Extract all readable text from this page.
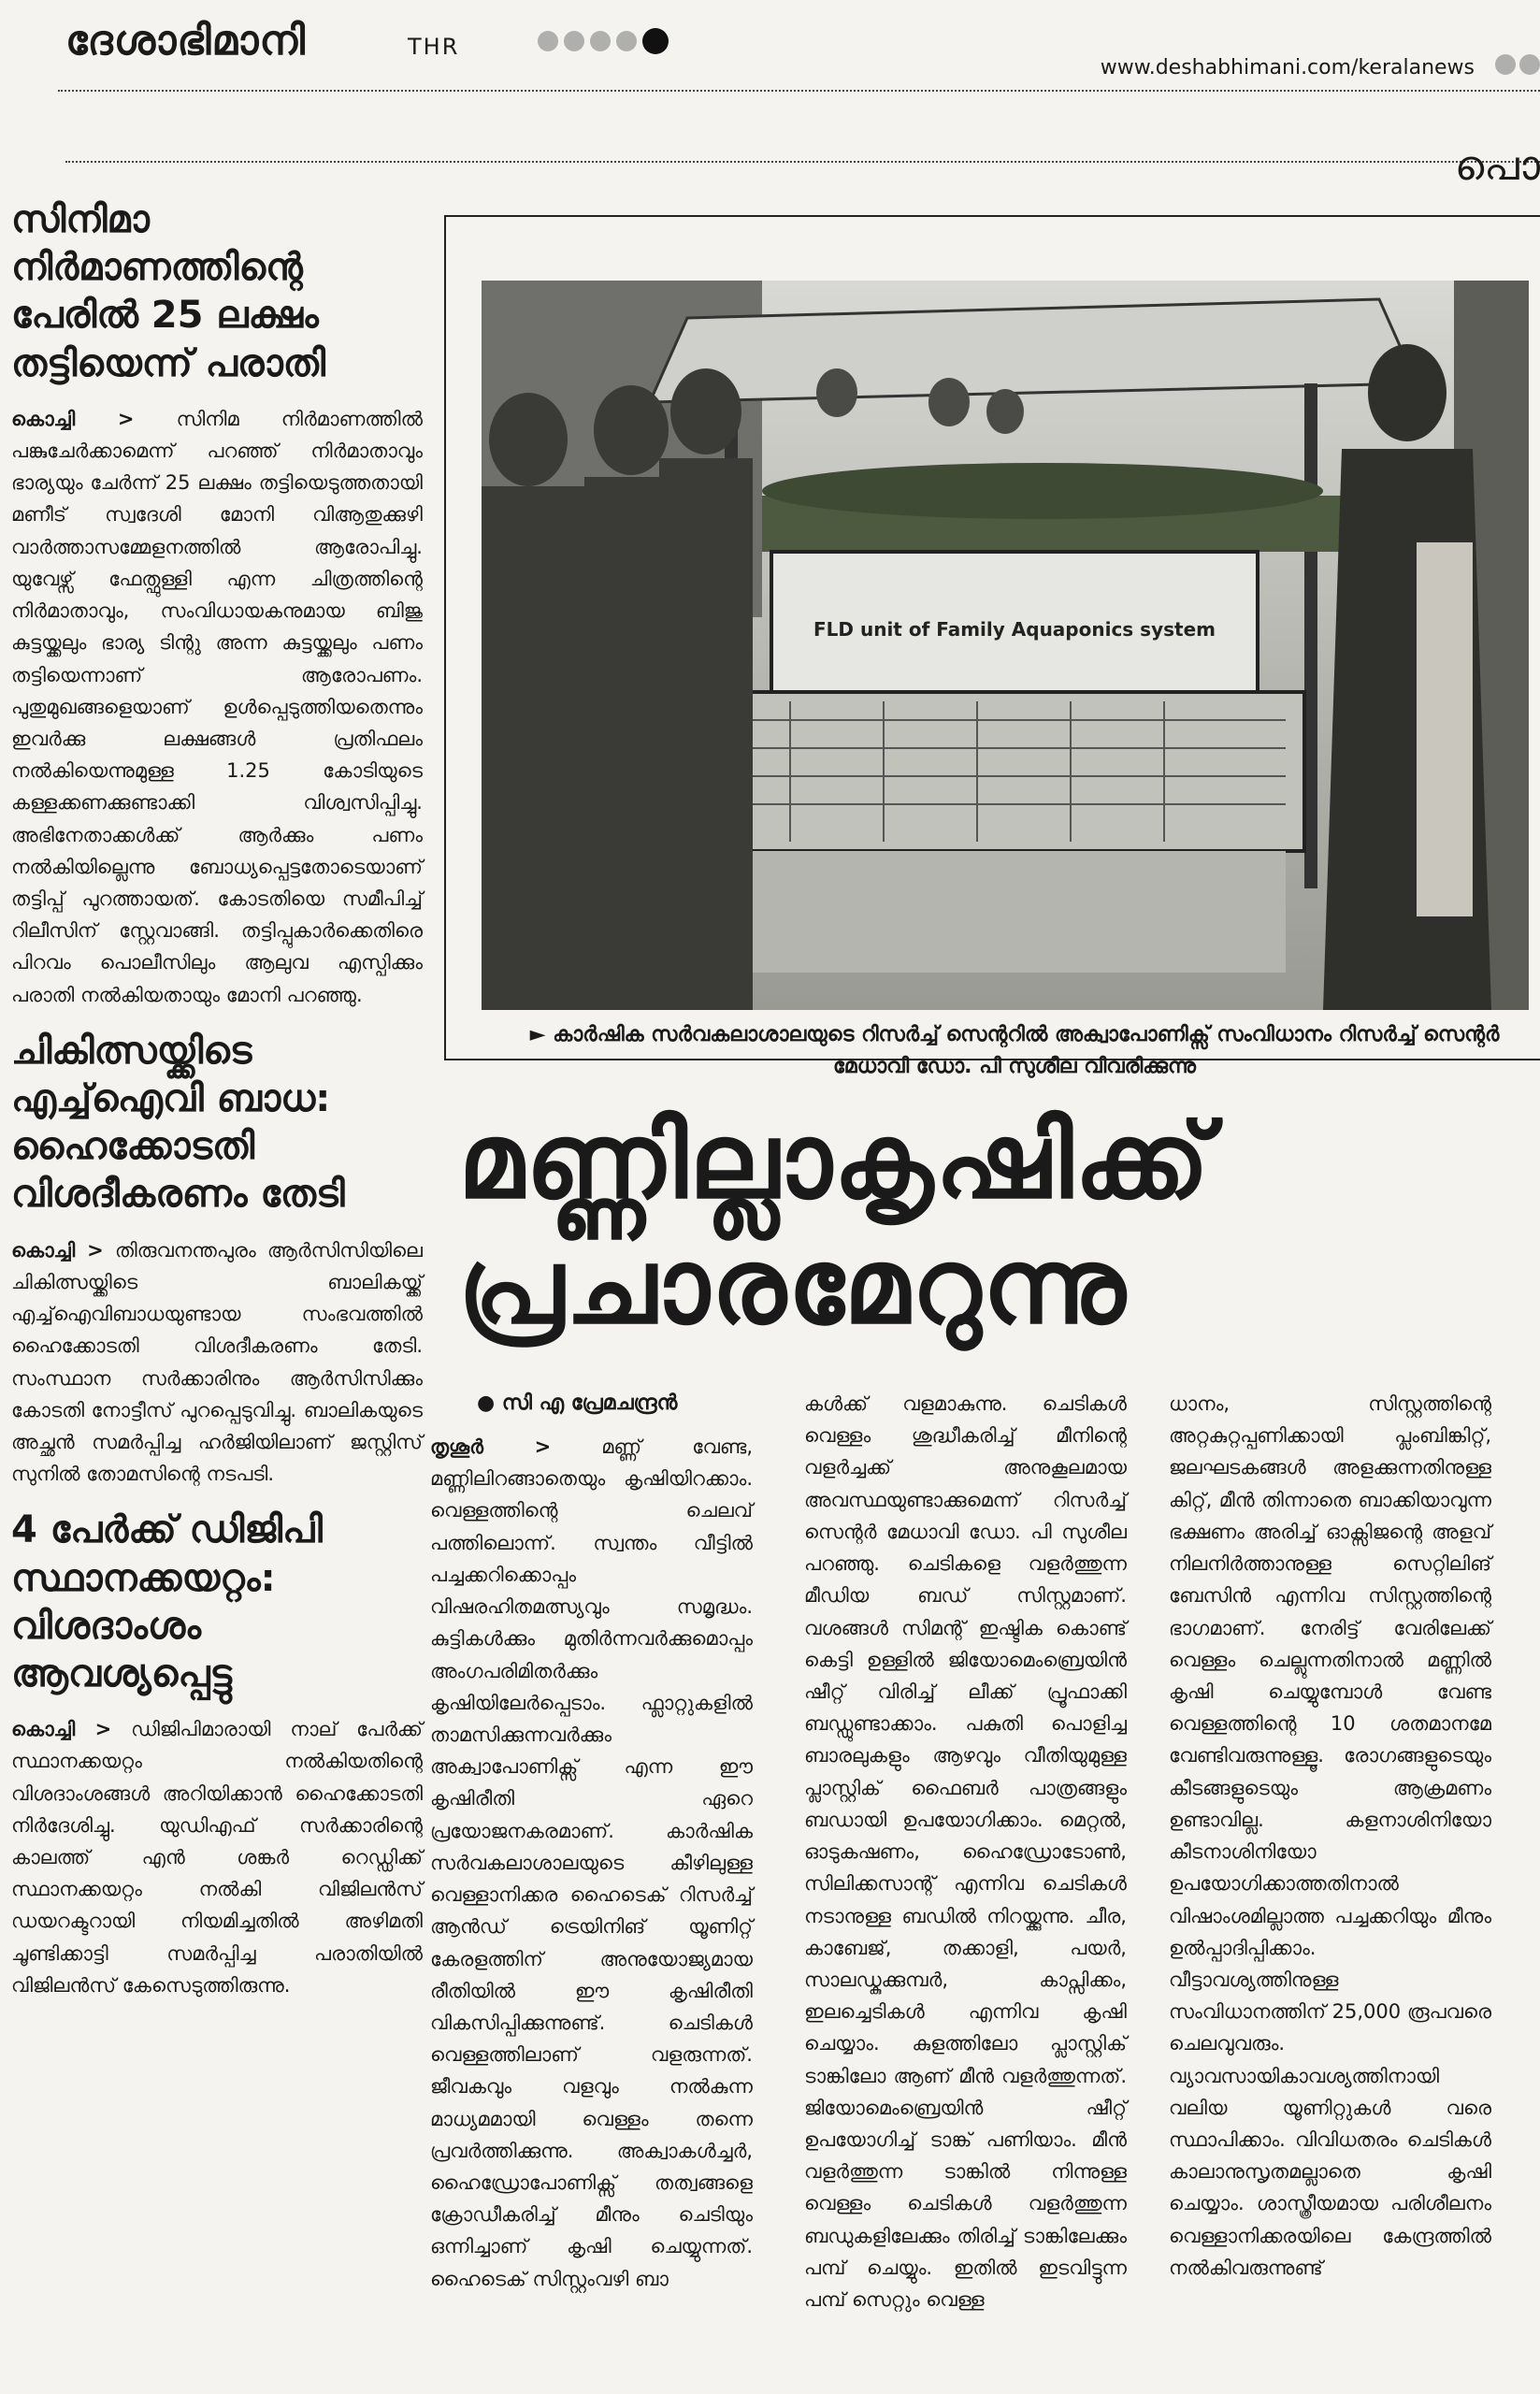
ദേശാഭിമാനി	THR
www.deshabhimani.com/keralanews
പൊ
സിനിമാ നിർമാണത്തിന്റെ പേരിൽ 25 ലക്ഷം തട്ടിയെന്ന് പരാതി

കൊച്ചി > സിനിമ നിർമാണത്തിൽ പങ്കുചേർക്കാമെന്ന് പറഞ്ഞ് നിർമാതാവും ഭാര്യയും ചേർന്ന് 25 ലക്ഷം തട്ടിയെടുത്തതായി മണീട് സ്വദേശി മോനി വിആതുക്കുഴി വാർത്താസമ്മേളനത്തിൽ ആരോപിച്ചു. യുവേഴ്സ് ഫേത്ഫുള്ളി എന്ന ചിത്രത്തിന്റെ നിർമാതാവും, സംവിധായകനുമായ ബിജു കുട്ടയ്ക്കലും ഭാര്യ ടിന്റു അന്ന കുട്ടയ്ക്കലും പണം തട്ടിയെന്നാണ് ആരോപണം. പുതുമുഖങ്ങളെയാണ് ഉൾപ്പെടുത്തിയതെന്നും ഇവർക്കു ലക്ഷങ്ങൾ പ്രതിഫലം നൽകിയെന്നുമുള്ള 1.25 കോടിയുടെ കള്ളക്കണക്കുണ്ടാക്കി വിശ്വസിപ്പിച്ചു. അഭിനേതാക്കൾക്ക് ആർക്കും പണം നൽകിയില്ലെന്നു ബോധ്യപ്പെട്ടതോടെയാണ് തട്ടിപ്പ് പുറത്തായത്. കോടതിയെ സമീപിച്ച് റിലീസിന് സ്റ്റേവാങ്ങി. തട്ടിപ്പുകാർക്കെതിരെ പിറവം പൊലീസിലും ആലുവ എസ്പിക്കും പരാതി നൽകിയതായും മോനി പറഞ്ഞു.

ചികിത്സയ്ക്കിടെ എച്ച്ഐവി ബാധ: ഹൈക്കോടതി വിശദീകരണം തേടി

കൊച്ചി > തിരുവനന്തപുരം ആർസിസിയിലെ ചികിത്സയ്ക്കിടെ ബാലികയ്ക്ക് എച്ച്ഐവിബാധയുണ്ടായ സംഭവത്തിൽ ഹൈക്കോടതി വിശദീകരണം തേടി. സംസ്ഥാന സർക്കാരിനും ആർസിസിക്കും കോടതി നോട്ടീസ് പുറപ്പെടുവിച്ചു. ബാലികയുടെ അച്ഛൻ സമർപ്പിച്ച ഹർജിയിലാണ് ജസ്റ്റിസ് സുനിൽ തോമസിന്റെ നടപടി.

4 പേർക്ക് ഡിജിപി സ്ഥാനക്കയറ്റം: വിശദാംശം ആവശ്യപ്പെട്ടു

കൊച്ചി > ഡിജിപിമാരായി നാല് പേർക്ക് സ്ഥാനക്കയറ്റം നൽകിയതിന്റെ വിശദാംശങ്ങൾ അറിയിക്കാൻ ഹൈക്കോടതി നിർദേശിച്ചു. യുഡിഎഫ് സർക്കാരിന്റെ കാലത്ത് എൻ ശങ്കർ റെഡ്ഡിക്ക് സ്ഥാനക്കയറ്റം നൽകി വിജിലൻസ് ഡയറക്ടറായി നിയമിച്ചതിൽ അഴിമതി ചൂണ്ടിക്കാട്ടി സമർപ്പിച്ച പരാതിയിൽ വിജിലൻസ് കേസെടുത്തിരുന്നു.

FLD unit of Family Aquaponics system
► കാർഷിക സർവകലാശാലയുടെ റിസർച്ച് സെന്ററിൽ അക്വാപോണിക്സ് സംവിധാനം റിസർച്ച് സെന്റർ മേധാവി ഡോ. പി സുശീല വിവരിക്കുന്നു
മണ്ണില്ലാകൃഷിക്ക്
പ്രചാരമേറുന്നു
● സി എ പ്രേമചന്ദ്രൻ

തൃശൂർ >	മണ്ണ് വേണ്ട, മണ്ണിലിറങ്ങാതെയും കൃഷിയിറക്കാം. വെള്ളത്തിന്റെ ചെലവ് പത്തിലൊന്ന്. സ്വന്തം വീട്ടിൽ പച്ചക്കറിക്കൊപ്പം വിഷരഹിതമത്സ്യവും സമൃദ്ധം. കുട്ടികൾക്കും മുതിർന്നവർക്കുമൊപ്പം അംഗപരിമിതർക്കും കൃഷിയിലേർപ്പെടാം. ഫ്ലാറ്റുകളിൽ താമസിക്കുന്നവർക്കും അക്വാപോണിക്സ് എന്ന ഈ കൃഷിരീതി ഏറെ പ്രയോജനകരമാണ്. കാർഷിക സർവകലാശാലയുടെ കീഴിലുള്ള വെള്ളാനിക്കര ഹൈടെക് റിസർച്ച് ആൻഡ് ട്രെയിനിങ് യൂണിറ്റ് കേരളത്തിന് അനുയോജ്യമായ രീതിയിൽ ഈ കൃഷിരീതി വികസിപ്പിക്കുന്നുണ്ട്. ചെടികൾ വെള്ളത്തിലാണ് വളരുന്നത്. ജീവകവും വളവും നൽകുന്ന മാധ്യമമായി വെള്ളം തന്നെ പ്രവർത്തിക്കുന്നു. അക്വാകൾച്ചർ, ഹൈഡ്രോപോണിക്സ് തത്വങ്ങളെ ക്രോഡീകരിച്ച് മീനും ചെടിയും ഒന്നിച്ചാണ് കൃഷി ചെയ്യുന്നത്. ഹൈടെക് സിസ്റ്റംവഴി ബാ

കൾക്ക് വളമാകുന്നു. ചെടികൾ വെള്ളം ശുദ്ധീകരിച്ച് മീനിന്റെ വളർച്ചക്ക് അനുകൂലമായ അവസ്ഥയുണ്ടാക്കുമെന്ന് റിസർച്ച് സെന്റർ മേധാവി ഡോ. പി സുശീല പറഞ്ഞു. ചെടികളെ വളർത്തുന്ന മീഡിയ ബഡ് സിസ്റ്റമാണ്. വശങ്ങൾ സിമന്റ് ഇഷ്ടിക കൊണ്ട് കെട്ടി ഉള്ളിൽ ജിയോമെംബ്രെയിൻ ഷീറ്റ് വിരിച്ച് ലീക്ക് പ്രൂഫാക്കി ബഡ്ഡുണ്ടാക്കാം. പകുതി പൊളിച്ച ബാരലുകളും ആഴവും വീതിയുമുള്ള പ്ലാസ്റ്റിക് ഫൈബർ പാത്രങ്ങളും ബഡായി ഉപയോഗിക്കാം. മെറ്റൽ, ഓടുകഷണം, ഹൈഡ്രോടോൺ, സിലിക്കസാന്റ് എന്നിവ ചെടികൾ നടാനുള്ള ബഡിൽ നിറയ്ക്കുന്നു. ചീര, കാബേജ്, തക്കാളി, പയർ, സാലഡ്കുക്കുമ്പർ, കാപ്സിക്കം, ഇലച്ചെടികൾ എന്നിവ കൃഷി ചെയ്യാം. കുളത്തിലോ പ്ലാസ്റ്റിക് ടാങ്കിലോ ആണ് മീൻ വളർത്തുന്നത്. ജിയോമെംബ്രെയിൻ ഷീറ്റ് ഉപയോഗിച്ച് ടാങ്ക് പണിയാം. മീൻ വളർത്തുന്ന ടാങ്കിൽ നിന്നുള്ള വെള്ളം ചെടികൾ വളർത്തുന്ന ബഡുകളിലേക്കും തിരിച്ച് ടാങ്കിലേക്കും പമ്പ് ചെയ്യും. ഇതിൽ ഇടവിട്ടുന്ന പമ്പ് സെറ്റും വെള്ള

ധാനം, സിസ്റ്റത്തിന്റെ അറ്റകുറ്റപ്പണിക്കായി പ്ലംബിങ്കിറ്റ്, ജലഘടകങ്ങൾ അളക്കുന്നതിനുള്ള കിറ്റ്, മീൻ തിന്നാതെ ബാക്കിയാവുന്ന ഭക്ഷണം അരിച്ച് ഓക്സിജന്റെ അളവ് നിലനിർത്താനുള്ള സെറ്റിലിങ് ബേസിൻ എന്നിവ സിസ്റ്റത്തിന്റെ ഭാഗമാണ്. നേരിട്ട് വേരിലേക്ക് വെള്ളം ചെല്ലുന്നതിനാൽ മണ്ണിൽ കൃഷി ചെയ്യുമ്പോൾ വേണ്ട വെള്ളത്തിന്റെ 10 ശതമാനമേ വേണ്ടിവരുന്നുള്ളൂ. രോഗങ്ങളുടെയും കീടങ്ങളുടെയും ആക്രമണം ഉണ്ടാവില്ല. കളനാശിനിയോ കീടനാശിനിയോ ഉപയോഗിക്കാത്തതിനാൽ വിഷാംശമില്ലാത്ത പച്ചക്കറിയും മീനും ഉൽപ്പാദിപ്പിക്കാം. വീട്ടാവശ്യത്തിനുള്ള സംവിധാനത്തിന് 25,000 രൂപവരെ ചെലവുവരും. വ്യാവസായികാവശ്യത്തിനായി വലിയ യൂണിറ്റുകൾ വരെ സ്ഥാപിക്കാം. വിവിധതരം ചെടികൾ കാലാനുസൃതമല്ലാതെ കൃഷി ചെയ്യാം. ശാസ്ത്രീയമായ പരിശീലനം വെള്ളാനിക്കരയിലെ കേന്ദ്രത്തിൽ നൽകിവരുന്നുണ്ട്
